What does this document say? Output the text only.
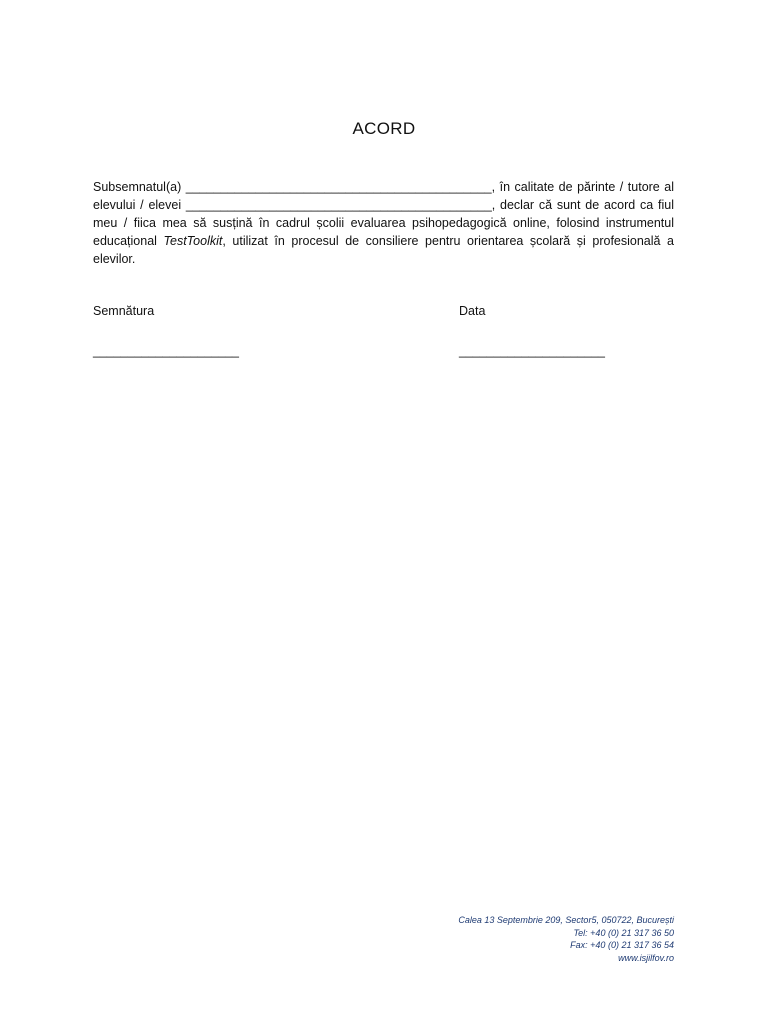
ACORD
Subsemnatul(a) ____________________________________________, în calitate de părinte / tutore al elevului / elevei ____________________________________________, declar că sunt de acord ca fiul meu / fiica mea să susțină în cadrul școlii evaluarea psihopedagogică online, folosind instrumentul educațional TestToolkit, utilizat în procesul de consiliere pentru orientarea școlară și profesională a elevilor.
Semnătura	Data
_____________________	_____________________
Calea 13 Septembrie 209, Sector5, 050722, București
Tel: +40 (0) 21 317 36 50
Fax: +40 (0) 21 317 36 54
www.isjilfov.ro
